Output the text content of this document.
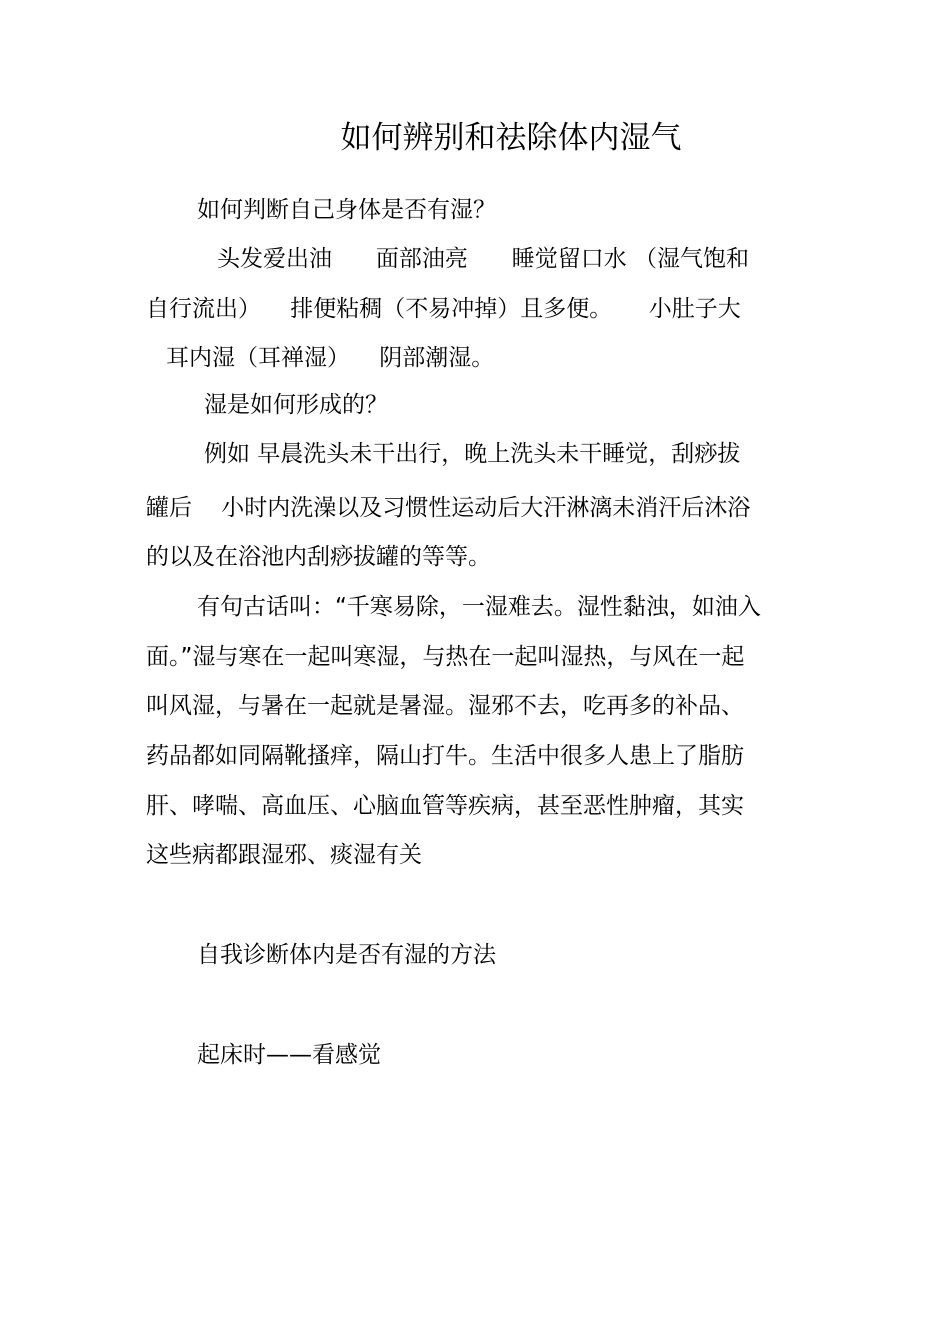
如何辨别和祛除体内湿气
如何判断自己身体是否有湿？
头发爱出油      面部油亮      睡觉留口水 （湿气饱和
自行流出）    排便粘稠（不易冲掉）且多便。     小肚子大
耳内湿（耳禅湿）    阴部潮湿。
湿是如何形成的？
例如 早晨洗头未干出行，晚上洗头未干睡觉，刮痧拔
罐后    小时内洗澡以及习惯性运动后大汗淋漓未消汗后沐浴
的以及在浴池内刮痧拔罐的等等。
有句古话叫：“千寒易除，一湿难去。湿性黏浊，如油入
面。”湿与寒在一起叫寒湿，与热在一起叫湿热，与风在一起
叫风湿，与暑在一起就是暑湿。湿邪不去，吃再多的补品、
药品都如同隔靴搔痒，隔山打牛。生活中很多人患上了脂肪
肝、哮喘、高血压、心脑血管等疾病，甚至恶性肿瘤，其实
这些病都跟湿邪、痰湿有关
自我诊断体内是否有湿的方法
起床时——看感觉
